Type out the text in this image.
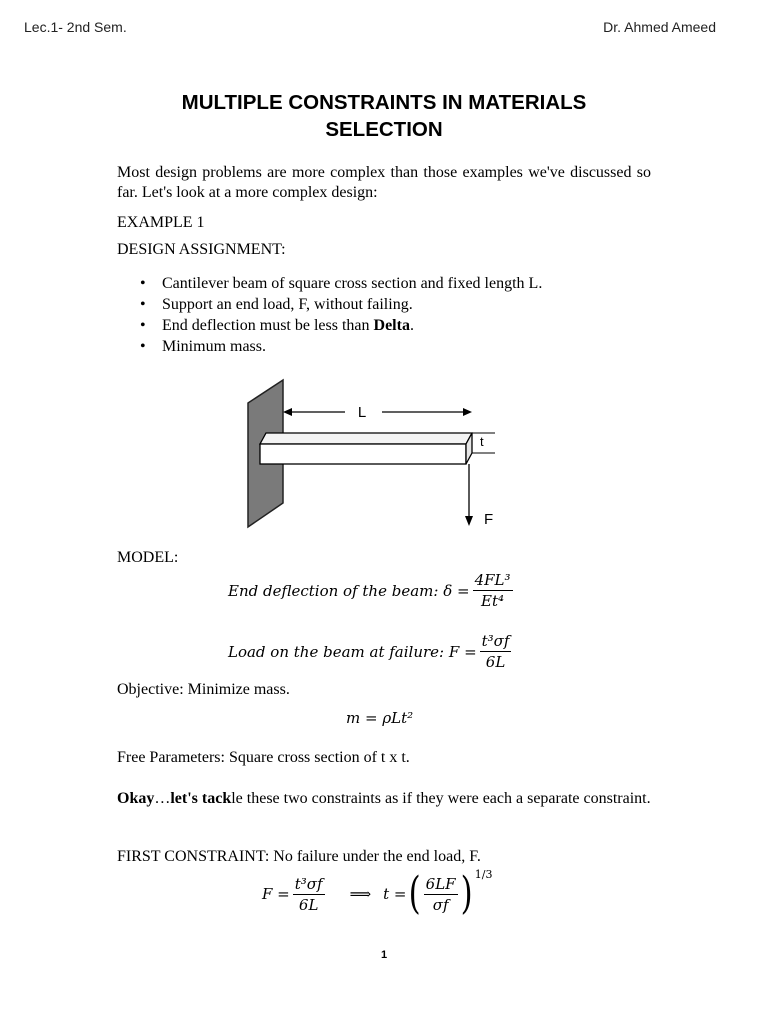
Lec.1- 2nd Sem.	Dr. Ahmed Ameed
MULTIPLE CONSTRAINTS IN MATERIALS
SELECTION
Most design problems are more complex than those examples we've discussed so far. Let's look at a more complex design:
EXAMPLE 1
DESIGN ASSIGNMENT:
• Cantilever beam of square cross section and fixed length L.
• Support an end load, F, without failing.
• End deflection must be less than Delta.
• Minimum mass.
L
t
F
MODEL:
End deflection of the beam:
$\delta = \frac{\text{4FL³}}{\text{Et⁴}}$
Load on the beam at failure:
$F = \frac{\text{t³σf}}{6L}$
Objective: Minimize mass.
m = ρLt²
Free Parameters: Square cross section of t x t.
Okay…let's tackle these two constraints as if they were each a separate constraint.
FIRST CONSTRAINT: No failure under the end load, F.
$F = \frac{\text{t³σf}}{6L}$ ⟹ t = ( $\frac{6LF}{\sigma f}$ ) 1/3
1
